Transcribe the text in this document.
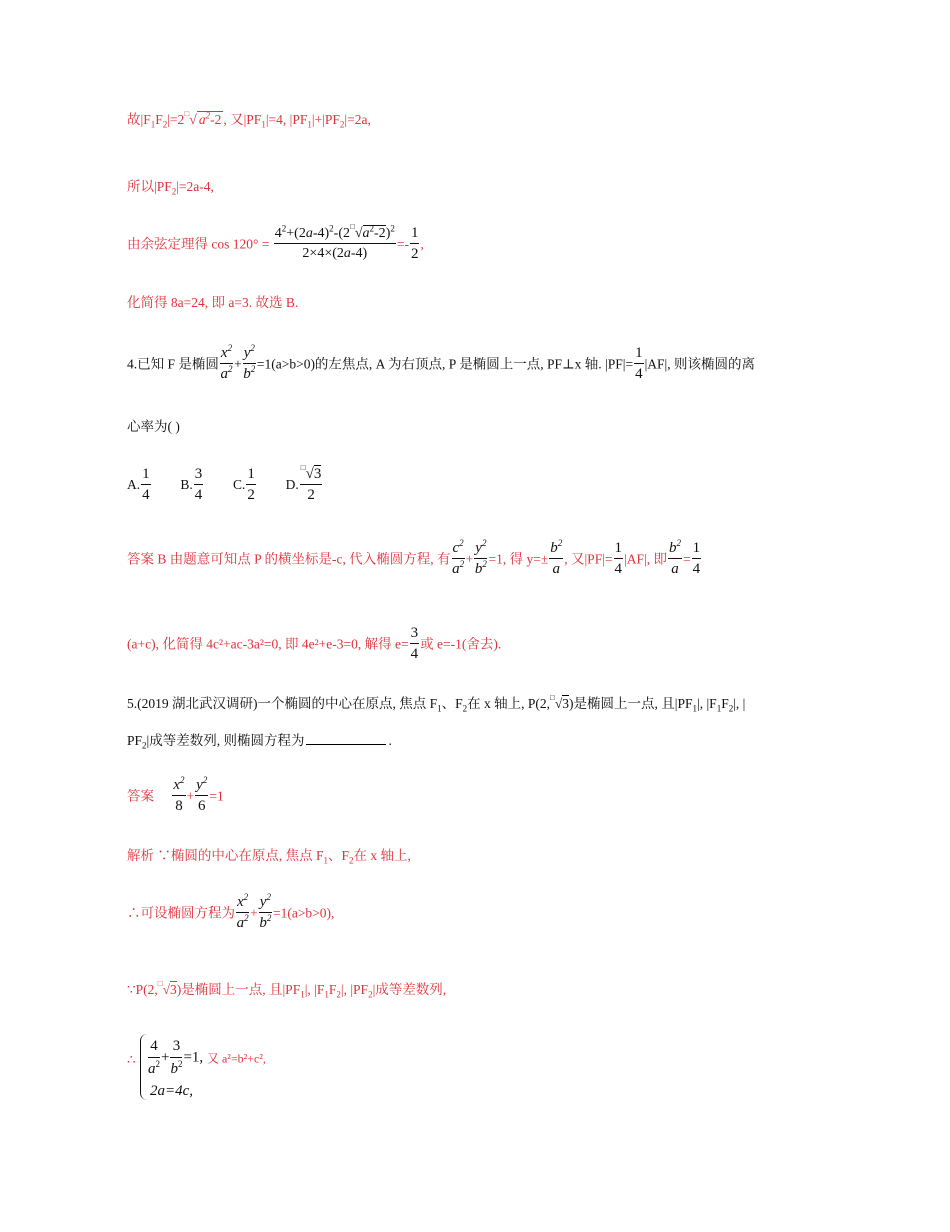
故$|F_1F_2|=2^□√$ $a^2-2$ , 又$|PF_1|=4$, $|PF_1|+|PF_2|=2a$,
所以$|PF_2|=2a-4$,
由余弦定理得 $\cos 120^\circ = \frac{4^2+(2a-4)^2-(2^□√a^2-2)^2}{2\times 4\times(2a-4)} =- \frac{1}{2}$ ,
化简得 8a=24, 即 a=3. 故选 B.
4.已知 F 是椭圆 $\frac{x^2}{a^2} + \frac{y^2}{b^2} =1(a>b>0)$的左焦点, A 为右顶点, P 是椭圆上一点, PF⊥x 轴. $|PF|= \frac{1}{4} |AF|$, 则该椭圆的离
心率为( )
A. $\frac{1}{4} B$. $\frac{3}{4} C$. $\frac{1}{2} D$. $\frac{^□√3}{2}$
答案 B 由题意可知点 P 的横坐标是-c, 代入椭圆方程, 有 $\frac{c^2}{a^2} + \frac{y^2}{b^2} =1$, 得 $y=\pm \frac{b^2}{a}$ , 又$|PF|= \frac{1}{4} |AF|$, 即 $\frac{b^2}{a} = \frac{1}{4}$
(a+c), 化简得 4c²+ac-3a²=0, 即 4e²+e-3=0, 解得 $e= \frac{3}{4}$ 或 e=-1(舍去).
5.(2019 湖北武汉调研)一个椭圆的中心在原点, 焦点 $F_1$、$F_2$在 x 轴上, P(2,□√3)是椭圆上一点, 且$|PF_1|$, $|F_1F_2|$, |
$PF_2|$成等差数列, 则椭圆方程为	.
答案 $\frac{x^2}{8} + \frac{y^2}{6} =1$
解析 ∵椭圆的中心在原点, 焦点 $F_1$、$F_2$在 x 轴上,
∴可设椭圆方程为 $\frac{x^2}{a^2} + \frac{y^2}{b^2} =1(a>b>0)$,
∵P(2,□√3)是椭圆上一点, 且$|PF_1|$, $|F_1F_2|$, $|PF_2|$成等差数列,
∴ $\frac{4}{a^2} + \frac{3}{b^2} =1$, 又 a²=b²+c²,
2a=4c,
